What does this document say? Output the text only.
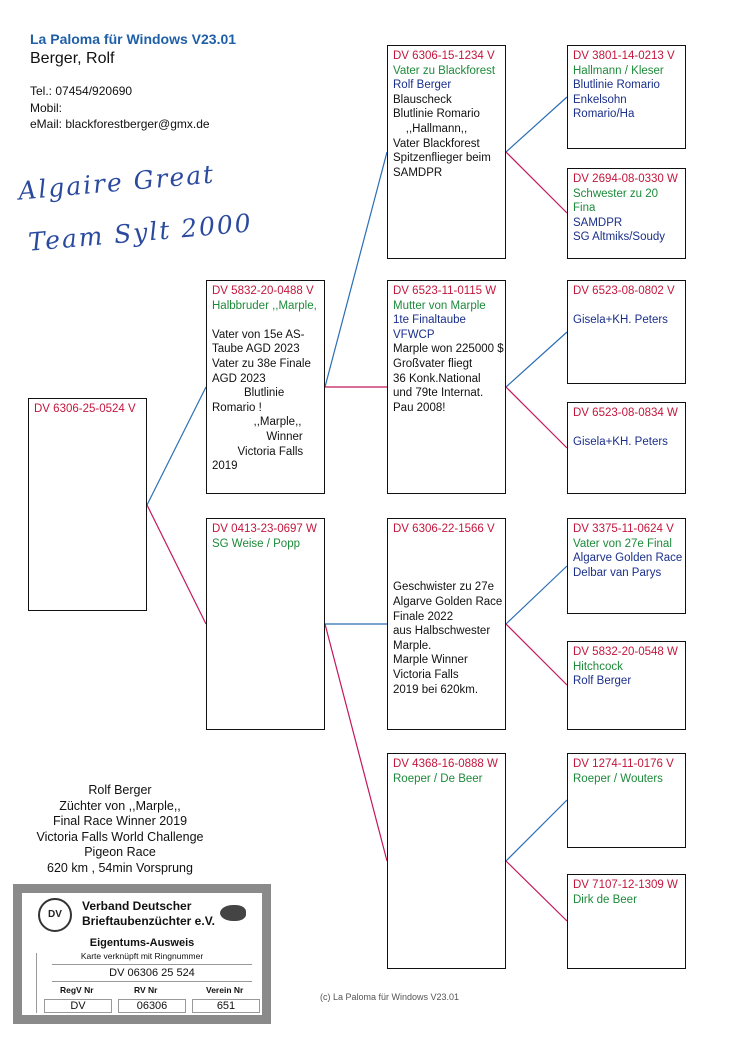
La Paloma für Windows V23.01
Berger, Rolf
Tel.: 07454/920690
Mobil:
eMail: blackforestberger@gmx.de
Algaire Great
Team Sylt 2000
DV 6306-25-0524 V
DV 5832-20-0488 V
Halbbruder ,,Marple,

Vater von 15e AS-
Taube AGD 2023
Vater zu 38e Finale
AGD 2023
Blutlinie
Romario !
,,Marple,,
Winner
Victoria Falls
2019
DV 0413-23-0697 W
SG Weise / Popp
DV 6306-15-1234 V
Vater zu Blackforest
Rolf Berger
Blauscheck
Blutlinie Romario
,,Hallmann,,
Vater Blackforest
Spitzenflieger beim
SAMDPR
DV 6523-11-0115 W
Mutter von Marple
1te Finaltaube
VFWCP
Marple won 225000 $
Großvater fliegt
36 Konk.National
und 79te Internat.
Pau 2008!
DV 6306-22-1566 V

Geschwister zu 27e
Algarve Golden Race
Finale 2022
aus Halbschwester
Marple.
Marple Winner
Victoria Falls
2019 bei 620km.
DV 4368-16-0888 W
Roeper / De Beer
DV 3801-14-0213 V
Hallmann / Kleser
Blutlinie Romario
Enkelsohn
Romario/Ha
DV 2694-08-0330 W
Schwester zu 20
Fina
SAMDPR
SG Altmiks/Soudy
DV 6523-08-0802 V

Gisela+KH. Peters
DV 6523-08-0834 W

Gisela+KH. Peters
DV 3375-11-0624 V
Vater von 27e Final
Algarve Golden Race
Delbar van Parys
DV 5832-20-0548 W
Hitchcock
Rolf Berger
DV 1274-11-0176 V
Roeper / Wouters
DV 7107-12-1309 W
Dirk de Beer
Rolf Berger
Züchter von ,,Marple,,
Final Race Winner 2019
Victoria Falls World Challenge
Pigeon Race
620 km , 54min Vorsprung
DV
Verband Deutscher
Brieftaubenzüchter e.V.
Eigentums-Ausweis
Karte verknüpft mit Ringnummer
DV 06306 25 524
RegV Nr	RV Nr	Verein Nr
DV	06306	651
(c) La Paloma für Windows V23.01
